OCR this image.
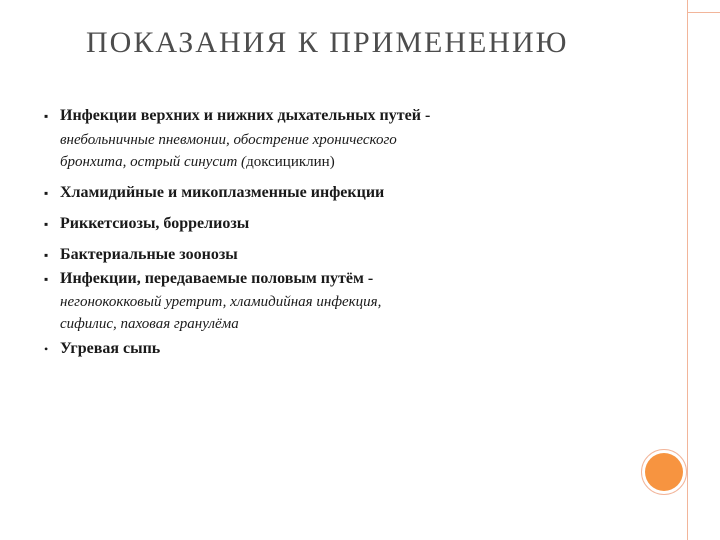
ПОКАЗАНИЯ К ПРИМЕНЕНИЮ
▪ Инфекции верхних и нижних дыхательных путей -
внебольничные пневмонии, обострение хронического
бронхита, острый синусит (доксициклин)
▪ Хламидийные и микоплазменные инфекции
▪ Риккетсиозы, боррелиозы
▪ Бактериальные зоонозы
▪ Инфекции, передаваемые половым путём -
негонококковый уретрит, хламидийная инфекция,
сифилис, паховая гранулёма
• Угревая сыпь
